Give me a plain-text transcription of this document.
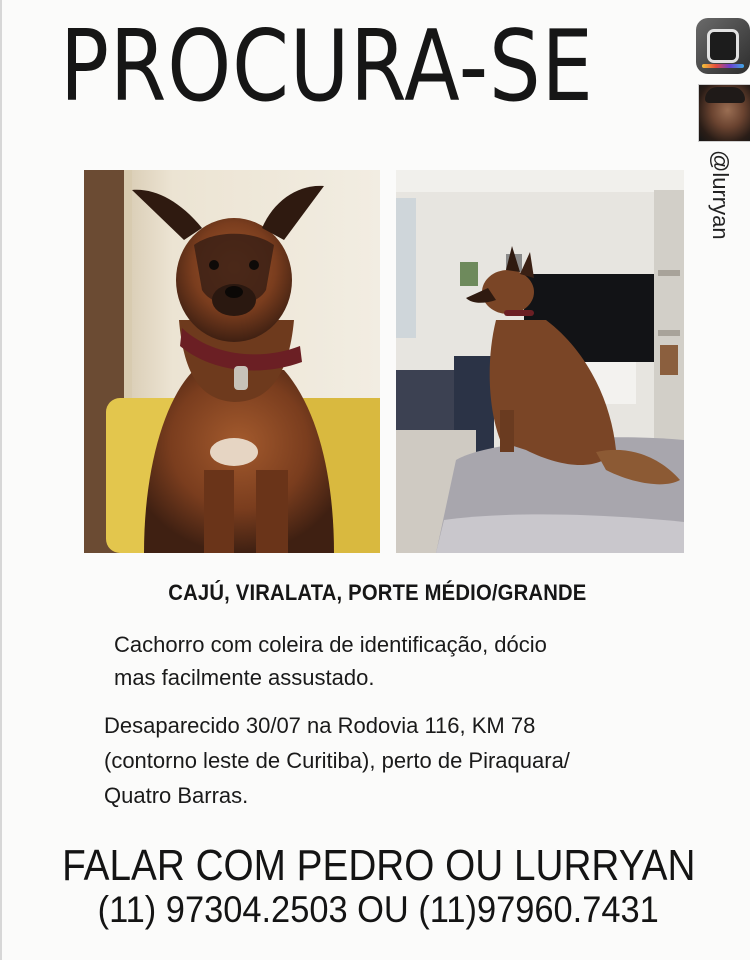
PROCURA-SE
@lurryan
CAJÚ, VIRALATA, PORTE MÉDIO/GRANDE
Cachorro com coleira de identificação, dócio
mas facilmente assustado.
Desaparecido 30/07 na Rodovia 116, KM 78
(contorno leste de Curitiba), perto de Piraquara/
Quatro Barras.
FALAR COM PEDRO OU LURRYAN
(11) 97304.2503 OU (11)97960.7431
